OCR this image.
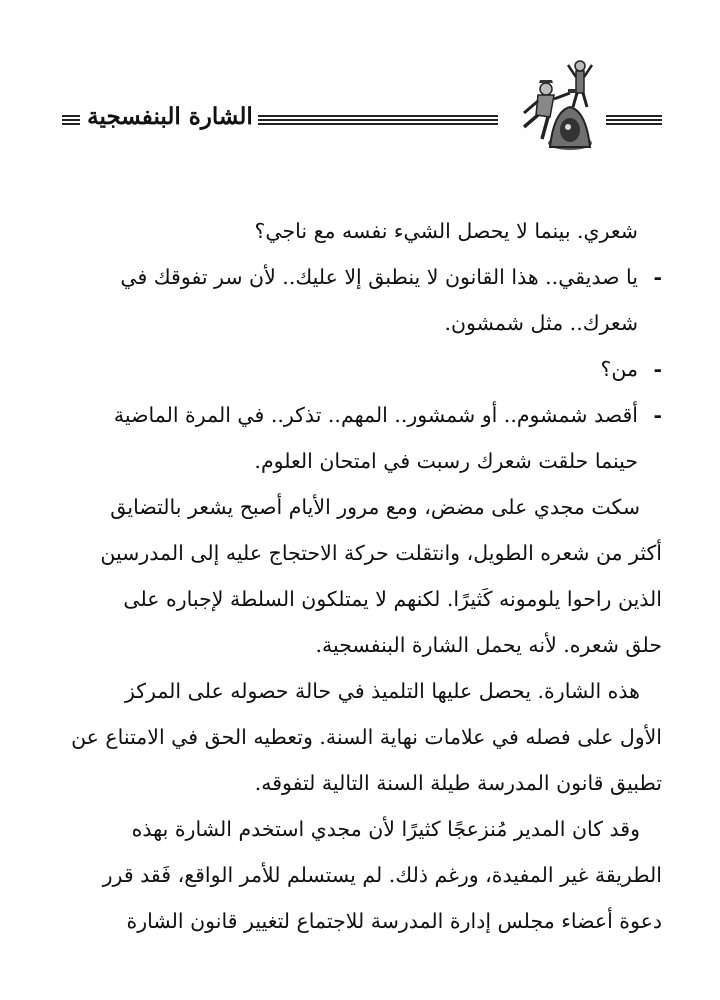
الشارة البنفسجية

شعري. بينما لا يحصل الشيء نفسه مع ناجي؟

-يا صديقي.. هذا القانون لا ينطبق إلا عليك.. لأن سر تفوقك في
شعرك.. مثل شمشون.

-من؟

-أقصد شمشوم.. أو شمشور.. المهم.. تذكر.. في المرة الماضية
حينما حلقت شعرك رسبت في امتحان العلوم.

سكت مجدي على مضض، ومع مرور الأيام أصبح يشعر بالتضايق
أكثر من شعره الطويل، وانتقلت حركة الاحتجاج عليه إلى المدرسين
الذين راحوا يلومونه كَثيرًا. لكنهم لا يمتلكون السلطة لإجباره على
حلق شعره. لأنه يحمل الشارة البنفسجية.

هذه الشارة. يحصل عليها التلميذ في حالة حصوله على المركز
الأول على فصله في علامات نهاية السنة. وتعطيه الحق في الامتناع عن
تطبيق قانون المدرسة طيلة السنة التالية لتفوقه.

وقد كان المدير مُنزعجًا كثيرًا لأن مجدي استخدم الشارة بهذه
الطريقة غير المفيدة، ورغم ذلك. لم يستسلم للأمر الواقع، فَقد قرر
دعوة أعضاء مجلس إدارة المدرسة للاجتماع لتغيير قانون الشارة
